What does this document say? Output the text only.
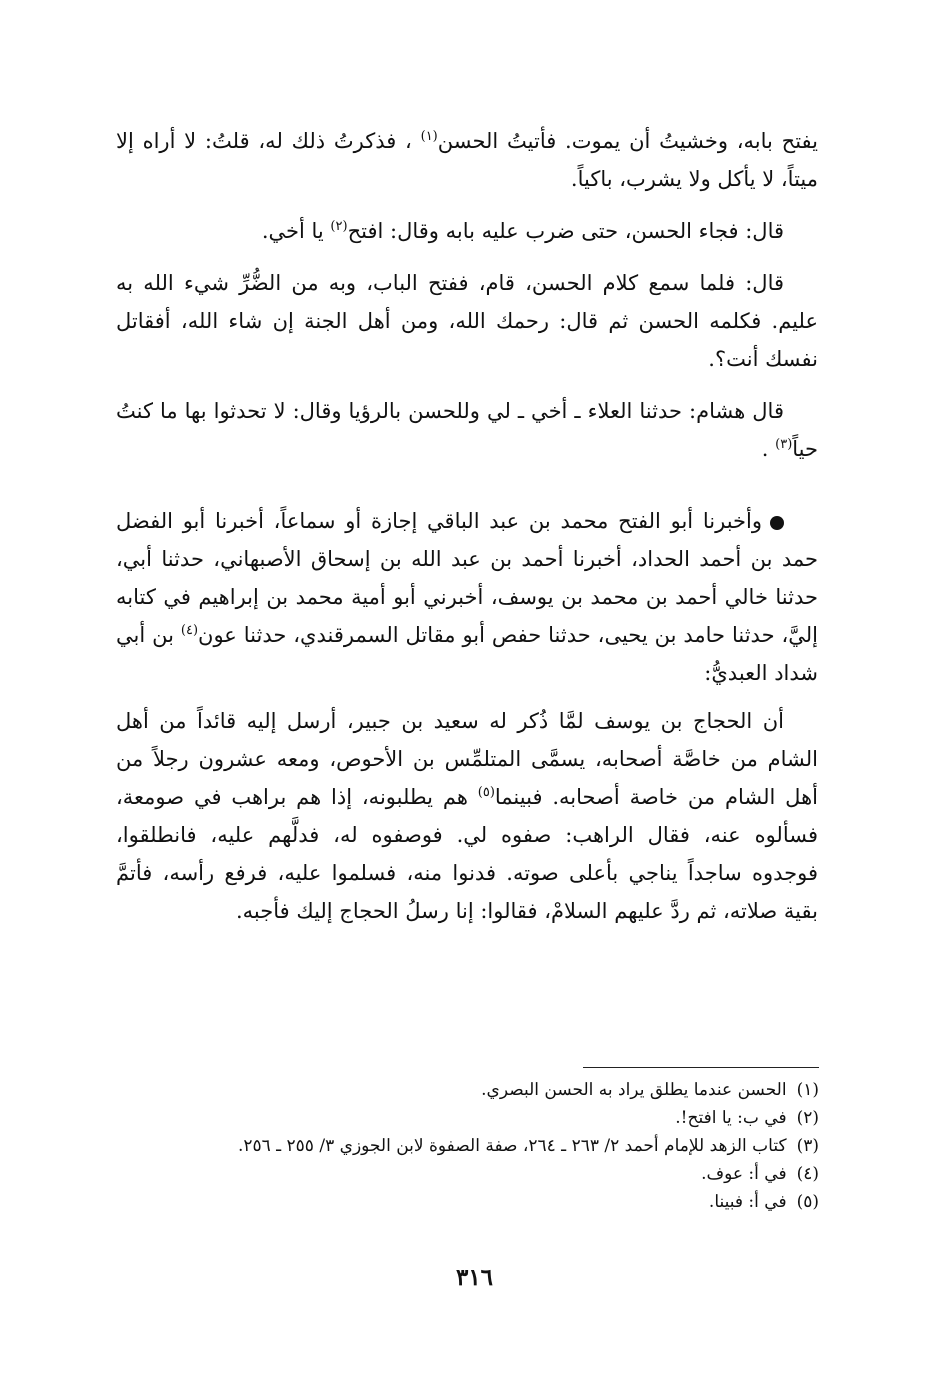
يفتح بابه، وخشيتُ أن يموت. فأتيتُ الحسن$^{(١)}$ ، فذكرتُ ذلك له، قلتُ: لا أراه إلا ميتاً، لا يأكل ولا يشرب، باكياً.

قال: فجاء الحسن، حتى ضرب عليه بابه وقال: افتح$^{(٢)}$ يا أخي.

قال: فلما سمع كلام الحسن، قام، ففتح الباب، وبه من الضُّرِّ شيء الله به عليم. فكلمه الحسن ثم قال: رحمك الله، ومن أهل الجنة إن شاء الله، أفقاتل نفسك أنت؟.

قال هشام: حدثنا العلاء ـ أخي ـ لي وللحسن بالرؤيا وقال: لا تحدثوا بها ما كنتُ حياً$^{(٣)}$ .

وأخبرنا أبو الفتح محمد بن عبد الباقي إجازة أو سماعاً، أخبرنا أبو الفضل حمد بن أحمد الحداد، أخبرنا أحمد بن عبد الله بن إسحاق الأصبهاني، حدثنا أبي، حدثنا خالي أحمد بن محمد بن يوسف، أخبرني أبو أمية محمد بن إبراهيم في كتابه إليَّ، حدثنا حامد بن يحيى، حدثنا حفص أبو مقاتل السمرقندي، حدثنا عون$^{(٤)}$ بن أبي شداد العبديُّ:

أن الحجاج بن يوسف لمَّا ذُكر له سعيد بن جبير، أرسل إليه قائداً من أهل الشام من خاصَّة أصحابه، يسمَّى المتلمِّس بن الأحوص، ومعه عشرون رجلاً من أهل الشام من خاصة أصحابه. فبينما$^{(٥)}$ هم يطلبونه، إذا هم براهب في صومعة، فسألوه عنه، فقال الراهب: صفوه لي. فوصفوه له، فدلَّهم عليه، فانطلقوا، فوجدوه ساجداً يناجي بأعلى صوته. فدنوا منه، فسلموا عليه، فرفع رأسه، فأتمَّ بقية صلاته، ثم ردَّ عليهم السلامْ، فقالوا: إنا رسلُ الحجاج إليك فأجبه.

(١)الحسن عندما يطلق يراد به الحسن البصري.

(٢)في ب: يا افتح!.

(٣)كتاب الزهد للإمام أحمد ٢/ ٢٦٣ ـ ٢٦٤، صفة الصفوة لابن الجوزي ٣/ ٢٥٥ ـ ٢٥٦.

(٤)في أ: عوف.

(٥)في أ: فبينا.

٣١٦
